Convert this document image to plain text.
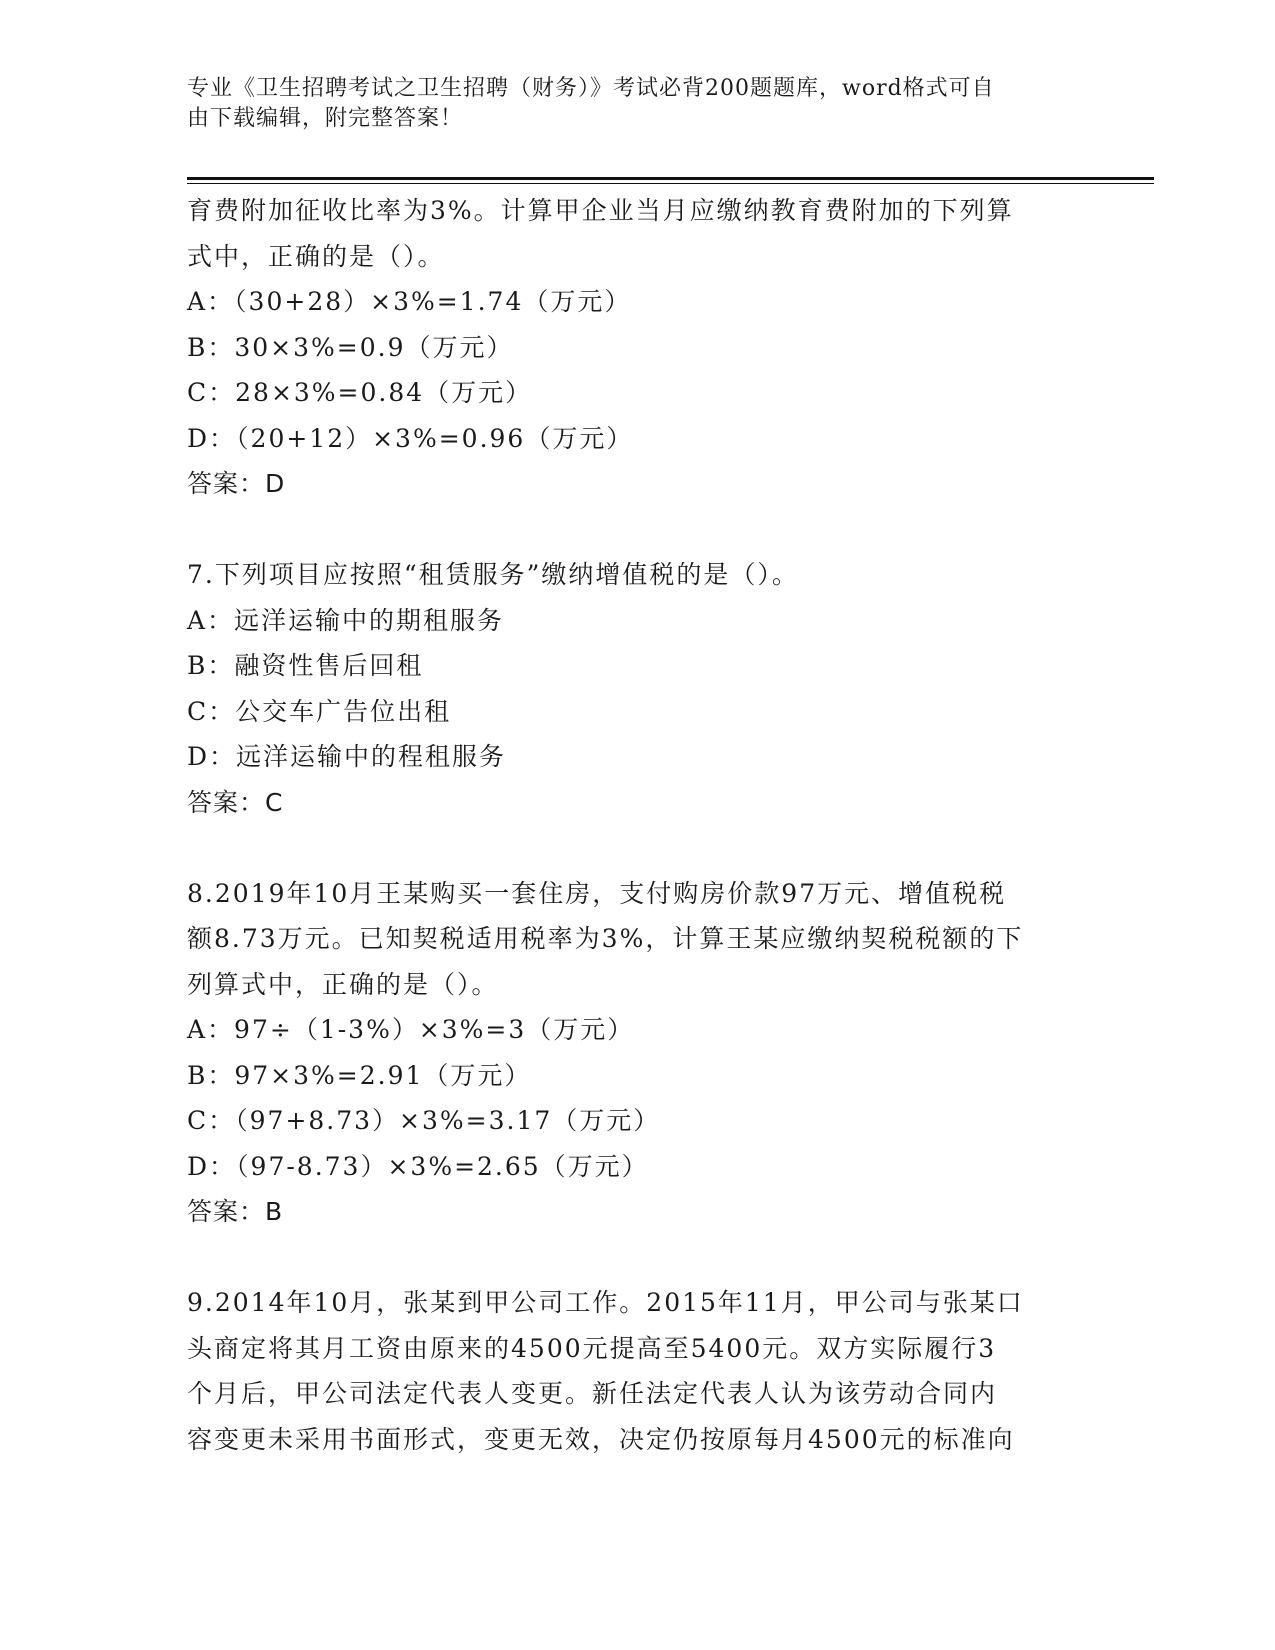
专业《卫生招聘考试之卫生招聘（财务）》考试必背200题题库，word格式可自
由下载编辑，附完整答案！
育费附加征收比率为3%。计算甲企业当月应缴纳教育费附加的下列算
式中，正确的是（）。
A：（30+28）×3%=1.74（万元）
B：30×3%=0.9（万元）
C：28×3%=0.84（万元）
D：（20+12）×3%=0.96（万元）
答案：D
7.下列项目应按照“租赁服务”缴纳增值税的是（）。
A：远洋运输中的期租服务
B：融资性售后回租
C：公交车广告位出租
D：远洋运输中的程租服务
答案：C
8.2019年10月王某购买一套住房，支付购房价款97万元、增值税税
额8.73万元。已知契税适用税率为3%，计算王某应缴纳契税税额的下
列算式中，正确的是（）。
A：97÷（1-3%）×3%=3（万元）
B：97×3%=2.91（万元）
C：（97+8.73）×3%=3.17（万元）
D：（97-8.73）×3%=2.65（万元）
答案：B
9.2014年10月，张某到甲公司工作。2015年11月，甲公司与张某口
头商定将其月工资由原来的4500元提高至5400元。双方实际履行3
个月后，甲公司法定代表人变更。新任法定代表人认为该劳动合同内
容变更未采用书面形式，变更无效，决定仍按原每月4500元的标准向
